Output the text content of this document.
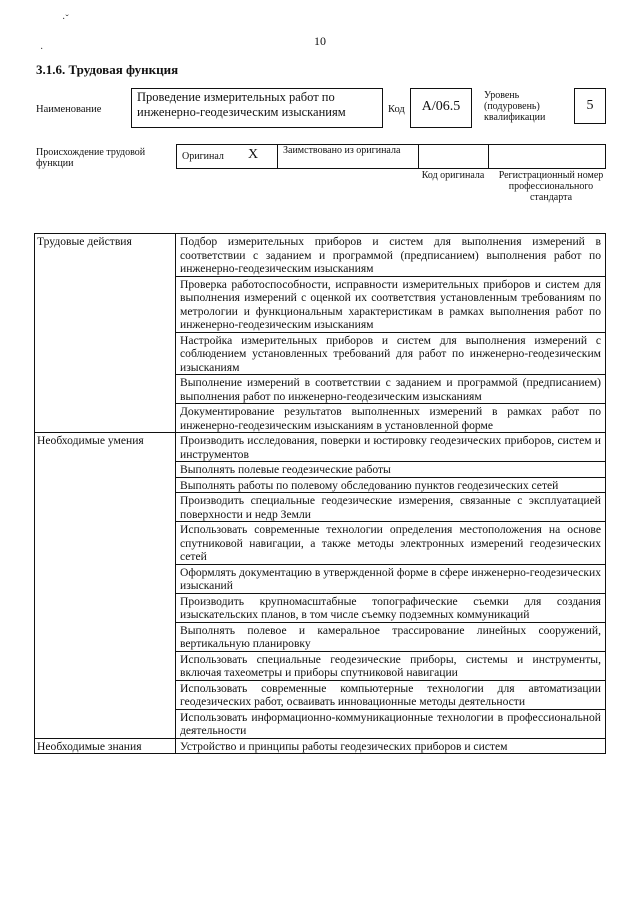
·ˇ
·
10
3.1.6. Трудовая функция
Наименование
Проведение измерительных работ по инженерно-геодезическим изысканиям	Код	A/06.5
Уровень (подуровень) квалификации
5
Происхождение трудовой функции
Оригинал X Заимствовано из оригинала
Код оригинала Регистрационный номер профессионального стандарта
Трудовые действия	Подбор измерительных приборов и систем для выполнения измерений в соответствии с заданием и программой (предписанием) выполнения работ по инженерно-геодезическим изысканиям
	Проверка работоспособности, исправности измерительных приборов и систем для выполнения измерений с оценкой их соответствия установленным требованиям по метрологии и функциональным характеристикам в рамках выполнения работ по инженерно-геодезическим изысканиям
	Настройка измерительных приборов и систем для выполнения измерений с соблюдением установленных требований для работ по инженерно-геодезическим изысканиям
	Выполнение измерений в соответствии с заданием и программой (предписанием) выполнения работ по инженерно-геодезическим изысканиям
	Документирование результатов выполненных измерений в рамках работ по инженерно-геодезическим изысканиям в установленной форме
Необходимые умения	Производить исследования, поверки и юстировку геодезических приборов, систем и инструментов
	Выполнять полевые геодезические работы
	Выполнять работы по полевому обследованию пунктов геодезических сетей
	Производить специальные геодезические измерения, связанные с эксплуатацией поверхности и недр Земли
	Использовать современные технологии определения местоположения на основе спутниковой навигации, а также методы электронных измерений геодезических сетей
	Оформлять документацию в утвержденной форме в сфере инженерно-геодезических изысканий
	Производить крупномасштабные топографические съемки для создания изыскательских планов, в том числе съемку подземных коммуникаций
	Выполнять полевое и камеральное трассирование линейных сооружений, вертикальную планировку
	Использовать специальные геодезические приборы, системы и инструменты, включая тахеометры и приборы спутниковой навигации
	Использовать современные компьютерные технологии для автоматизации геодезических работ, осваивать инновационные методы деятельности
	Использовать информационно-коммуникационные технологии в профессиональной деятельности
Необходимые знания	Устройство и принципы работы геодезических приборов и систем
